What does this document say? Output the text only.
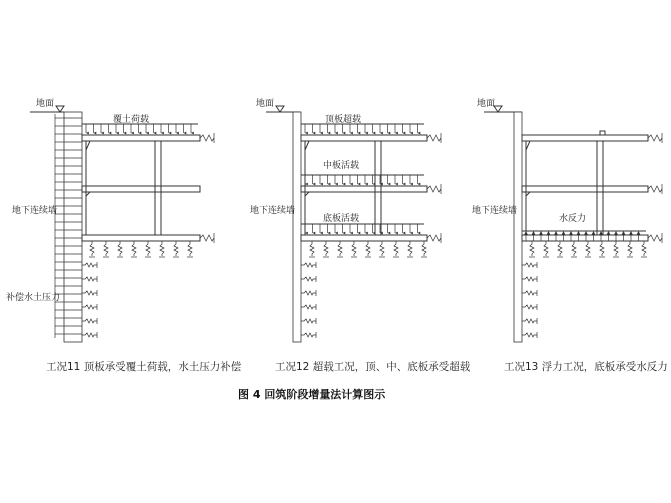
地面
地下连续墙
补偿水土压力
覆土荷载
工况11 顶板承受覆土荷载，水土压力补偿
地面
地下连续墙
顶板超载
中板活载
底板活载
工况12 超载工况，顶、中、底板承受超载
地面
地下连续墙
水反力
工况13 浮力工况，底板承受水反力
图 4 回筑阶段增量法计算图示
